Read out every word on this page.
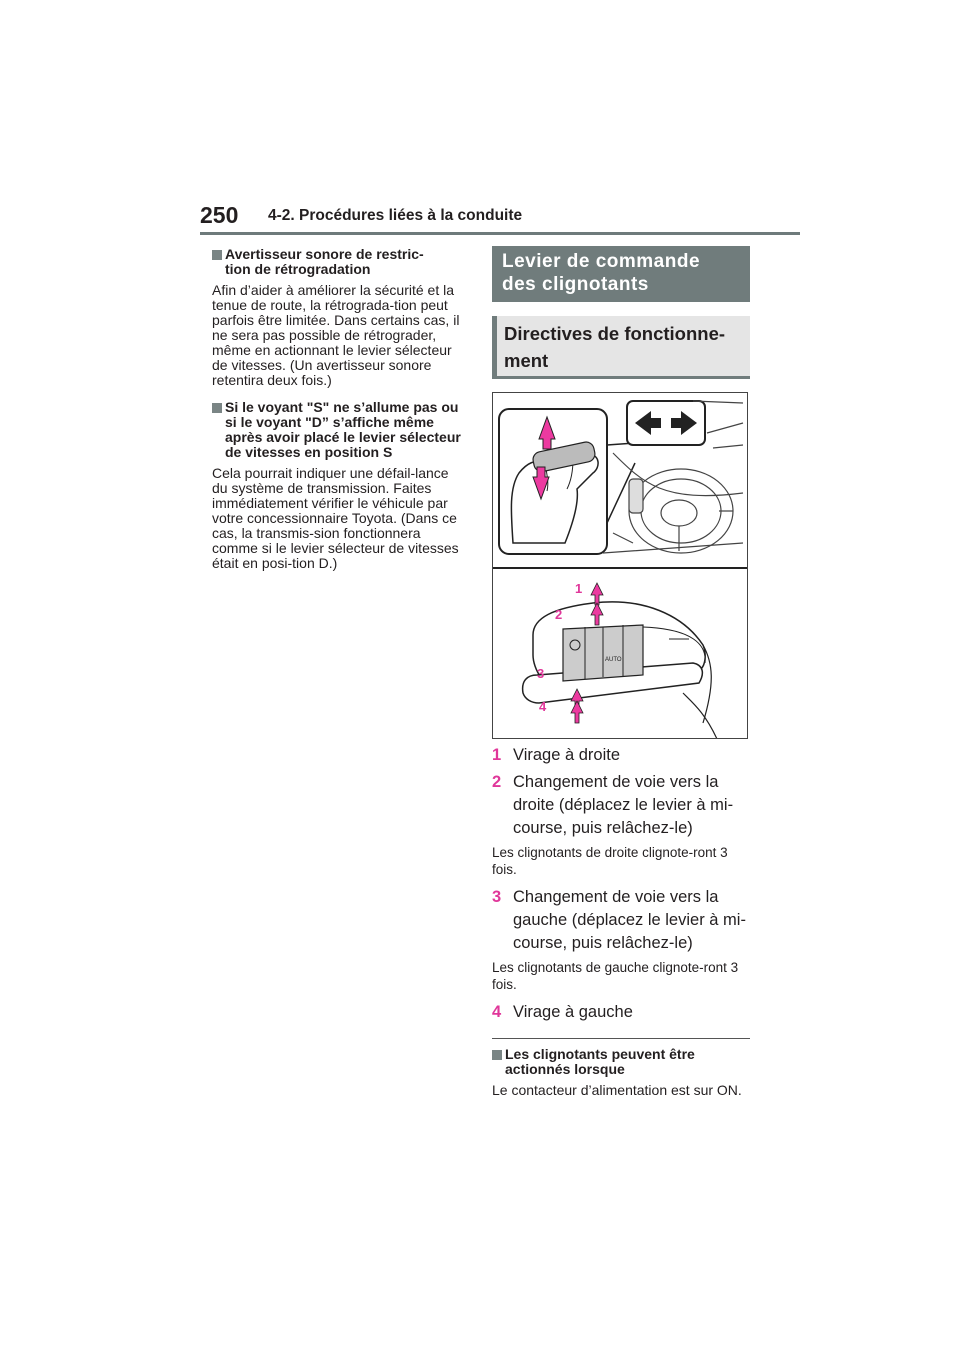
250 4-2. Procédures liées à la conduite
Avertisseur sonore de restric-
tion de rétrogradation

Afin d’aider à améliorer la sécurité et la tenue de route, la rétrograda-tion peut parfois être limitée. Dans certains cas, il ne sera pas possible de rétrograder, même en actionnant le levier sélecteur de vitesses. (Un avertisseur sonore retentira deux fois.)

Si le voyant "S" ne s’allume pas ou si le voyant "D” s’affiche même après avoir placé le levier sélecteur de vitesses en position S

Cela pourrait indiquer une défail-lance du système de transmission. Faites immédiatement vérifier le véhicule par votre concessionnaire Toyota. (Dans ce cas, la transmis-sion fonctionnera comme si le levier sélecteur de vitesses était en posi-tion D.)

Levier de commande des clignotants
Directives de fonctionne-ment
AUTO
1
2
3
4
1 Virage à droite
2 Changement de voie vers la droite (déplacez le levier à mi-course, puis relâchez-le)
Les clignotants de droite clignote-ront 3 fois.
3 Changement de voie vers la gauche (déplacez le levier à mi-course, puis relâchez-le)
Les clignotants de gauche clignote-ront 3 fois.
4 Virage à gauche
Les clignotants peuvent être actionnés lorsque

Le contacteur d’alimentation est sur ON.
